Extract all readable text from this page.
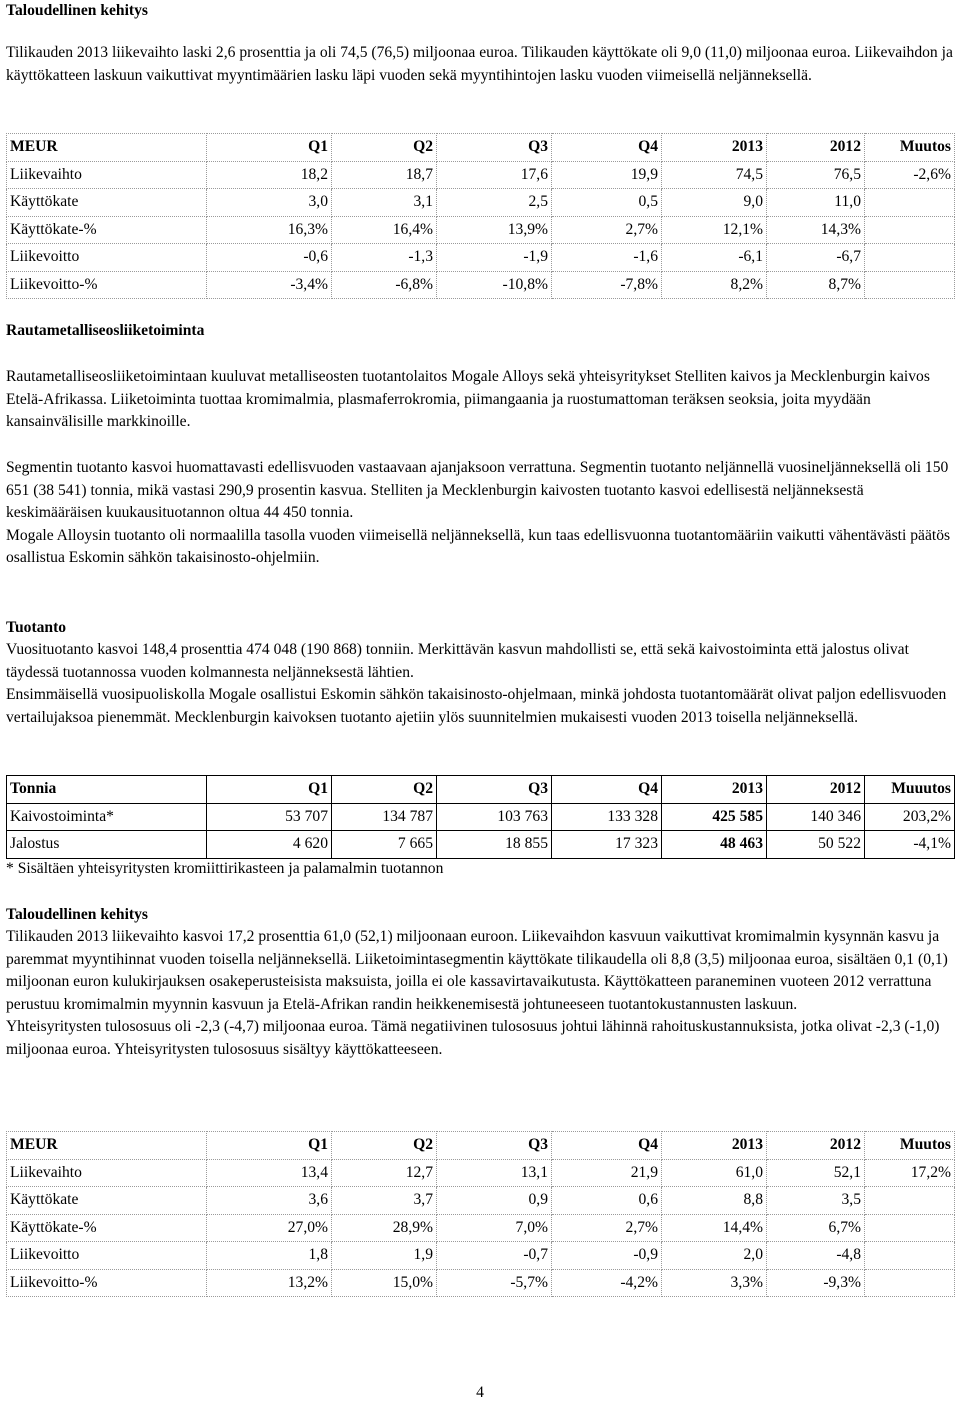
Taloudellinen kehitys

Tilikauden 2013 liikevaihto laski 2,6 prosenttia ja oli 74,5 (76,5) miljoonaa euroa. Tilikauden käyttökate oli 9,0 (11,0) miljoonaa euroa. Liikevaihdon ja käyttökatteen laskuun vaikuttivat myyntimäärien lasku läpi vuoden sekä myyntihintojen lasku vuoden viimeisellä neljänneksellä.

MEUR	Q1	Q2	Q3	Q4	2013	2012	Muutos
Liikevaihto	18,2	18,7	17,6	19,9	74,5	76,5	-2,6%
Käyttökate	3,0	3,1	2,5	0,5	9,0	11,0	
Käyttökate-%	16,3%	16,4%	13,9%	2,7%	12,1%	14,3%	
Liikevoitto	-0,6	-1,3	-1,9	-1,6	-6,1	-6,7	
Liikevoitto-%	-3,4%	-6,8%	-10,8%	-7,8%	8,2%	8,7%	
Rautametalliseosliiketoiminta

Rautametalliseosliiketoimintaan kuuluvat metalliseosten tuotantolaitos Mogale Alloys sekä yhteisyritykset Stelliten kaivos ja Mecklenburgin kaivos Etelä-Afrikassa. Liiketoiminta tuottaa kromimalmia, plasmaferrokromia, piimangaania ja ruostumattoman teräksen seoksia, joita myydään kansainvälisille markkinoille.

Segmentin tuotanto kasvoi huomattavasti edellisvuoden vastaavaan ajanjaksoon verrattuna. Segmentin tuotanto neljännellä vuosineljänneksellä oli 150 651 (38 541) tonnia, mikä vastasi 290,9 prosentin kasvua. Stelliten ja Mecklenburgin kaivosten tuotanto kasvoi edellisestä neljänneksestä keskimääräisen kuukausituotannon oltua 44 450 tonnia.

Mogale Alloysin tuotanto oli normaalilla tasolla vuoden viimeisellä neljänneksellä, kun taas edellisvuonna tuotantomääriin vaikutti vähentävästi päätös osallistua Eskomin sähkön takaisinosto-ohjelmiin.

Tuotanto

Vuosituotanto kasvoi 148,4 prosenttia 474 048 (190 868) tonniin. Merkittävän kasvun mahdollisti se, että sekä kaivostoiminta että jalostus olivat täydessä tuotannossa vuoden kolmannesta neljänneksestä lähtien.

Ensimmäisellä vuosipuoliskolla Mogale osallistui Eskomin sähkön takaisinosto-ohjelmaan, minkä johdosta tuotantomäärät olivat paljon edellisvuoden vertailujaksoa pienemmät. Mecklenburgin kaivoksen tuotanto ajetiin ylös suunnitelmien mukaisesti vuoden 2013 toisella neljänneksellä.

Tonnia	Q1	Q2	Q3	Q4	2013	2012	Muuutos
Kaivostoiminta*	53 707	134 787	103 763	133 328	425 585	140 346	203,2%
Jalostus	4 620	7 665	18 855	17 323	48 463	50 522	-4,1%

* Sisältäen yhteisyritysten kromiittirikasteen ja palamalmin tuotannon

Taloudellinen kehitys

Tilikauden 2013 liikevaihto kasvoi 17,2 prosenttia 61,0 (52,1) miljoonaan euroon. Liikevaihdon kasvuun vaikuttivat kromimalmin kysynnän kasvu ja paremmat myyntihinnat vuoden toisella neljänneksellä. Liiketoimintasegmentin käyttökate tilikaudella oli 8,8 (3,5) miljoonaa euroa, sisältäen 0,1 (0,1) miljoonan euron kulukirjauksen osakeperusteisista maksuista, joilla ei ole kassavirtavaikutusta. Käyttökatteen paraneminen vuoteen 2012 verrattuna perustuu kromimalmin myynnin kasvuun ja Etelä-Afrikan randin heikkenemisestä johtuneeseen tuotantokustannusten laskuun.

Yhteisyritysten tulososuus oli -2,3 (-4,7) miljoonaa euroa. Tämä negatiivinen tulososuus johtui lähinnä rahoituskustannuksista, jotka olivat -2,3 (-1,0) miljoonaa euroa. Yhteisyritysten tulososuus sisältyy käyttökatteeseen.

MEUR	Q1	Q2	Q3	Q4	2013	2012	Muutos
Liikevaihto	13,4	12,7	13,1	21,9	61,0	52,1	17,2%
Käyttökate	3,6	3,7	0,9	0,6	8,8	3,5	
Käyttökate-%	27,0%	28,9%	7,0%	2,7%	14,4%	6,7%	
Liikevoitto	1,8	1,9	-0,7	-0,9	2,0	-4,8	
Liikevoitto-%	13,2%	15,0%	-5,7%	-4,2%	3,3%	-9,3%	
4
